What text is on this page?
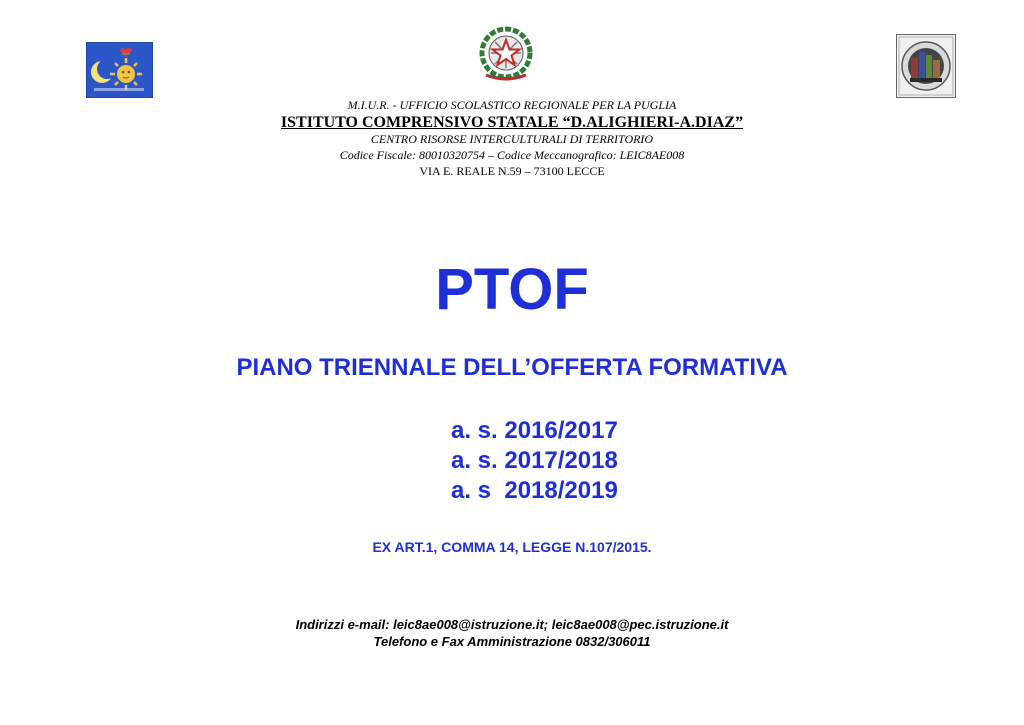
M.I.U.R. - UFFICIO SCOLASTICO REGIONALE PER LA PUGLIA
ISTITUTO COMPRENSIVO STATALE “D.ALIGHIERI-A.DIAZ”
CENTRO RISORSE INTERCULTURALI DI TERRITORIO
Codice Fiscale: 80010320754 – Codice Meccanografico: LEIC8AE008
VIA E. REALE N.59 – 73100 LECCE
PTOF
PIANO TRIENNALE DELL’OFFERTA FORMATIVA
a. s. 2016/2017
a. s. 2017/2018
a. s  2018/2019
EX ART.1, COMMA 14, LEGGE N.107/2015.
Indirizzi e-mail: leic8ae008@istruzione.it; leic8ae008@pec.istruzione.it
Telefono e Fax Amministrazione 0832/306011
